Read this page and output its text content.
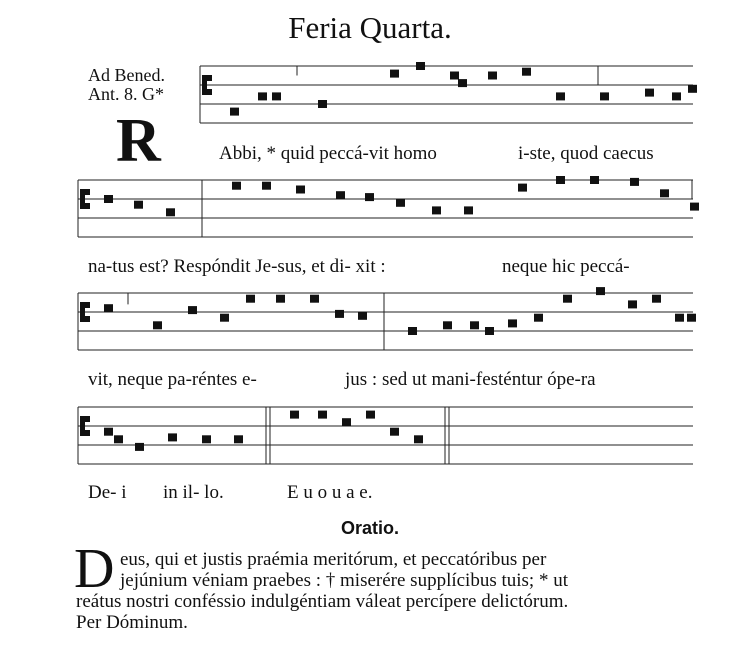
Feria Quarta.
Ad Bened.
Ant. 8. G*
R	Abbi, * quid peccá-vit homo	i-ste, quod caecus
na-tus est? Respóndit Je-sus, et di- xit :	neque hic peccá-
vit, neque pa-réntes e-	jus : sed ut mani-festéntur ópe-ra
De- i in il- lo.	E u o u a e.
Oratio.
D eus, qui et justis praémia meritórum, et peccatóribus per
jejúnium véniam praebes : † miserére supplícibus tuis; * ut
reátus nostri conféssio indulgéntiam váleat percípere delictórum.
Per Dóminum.
